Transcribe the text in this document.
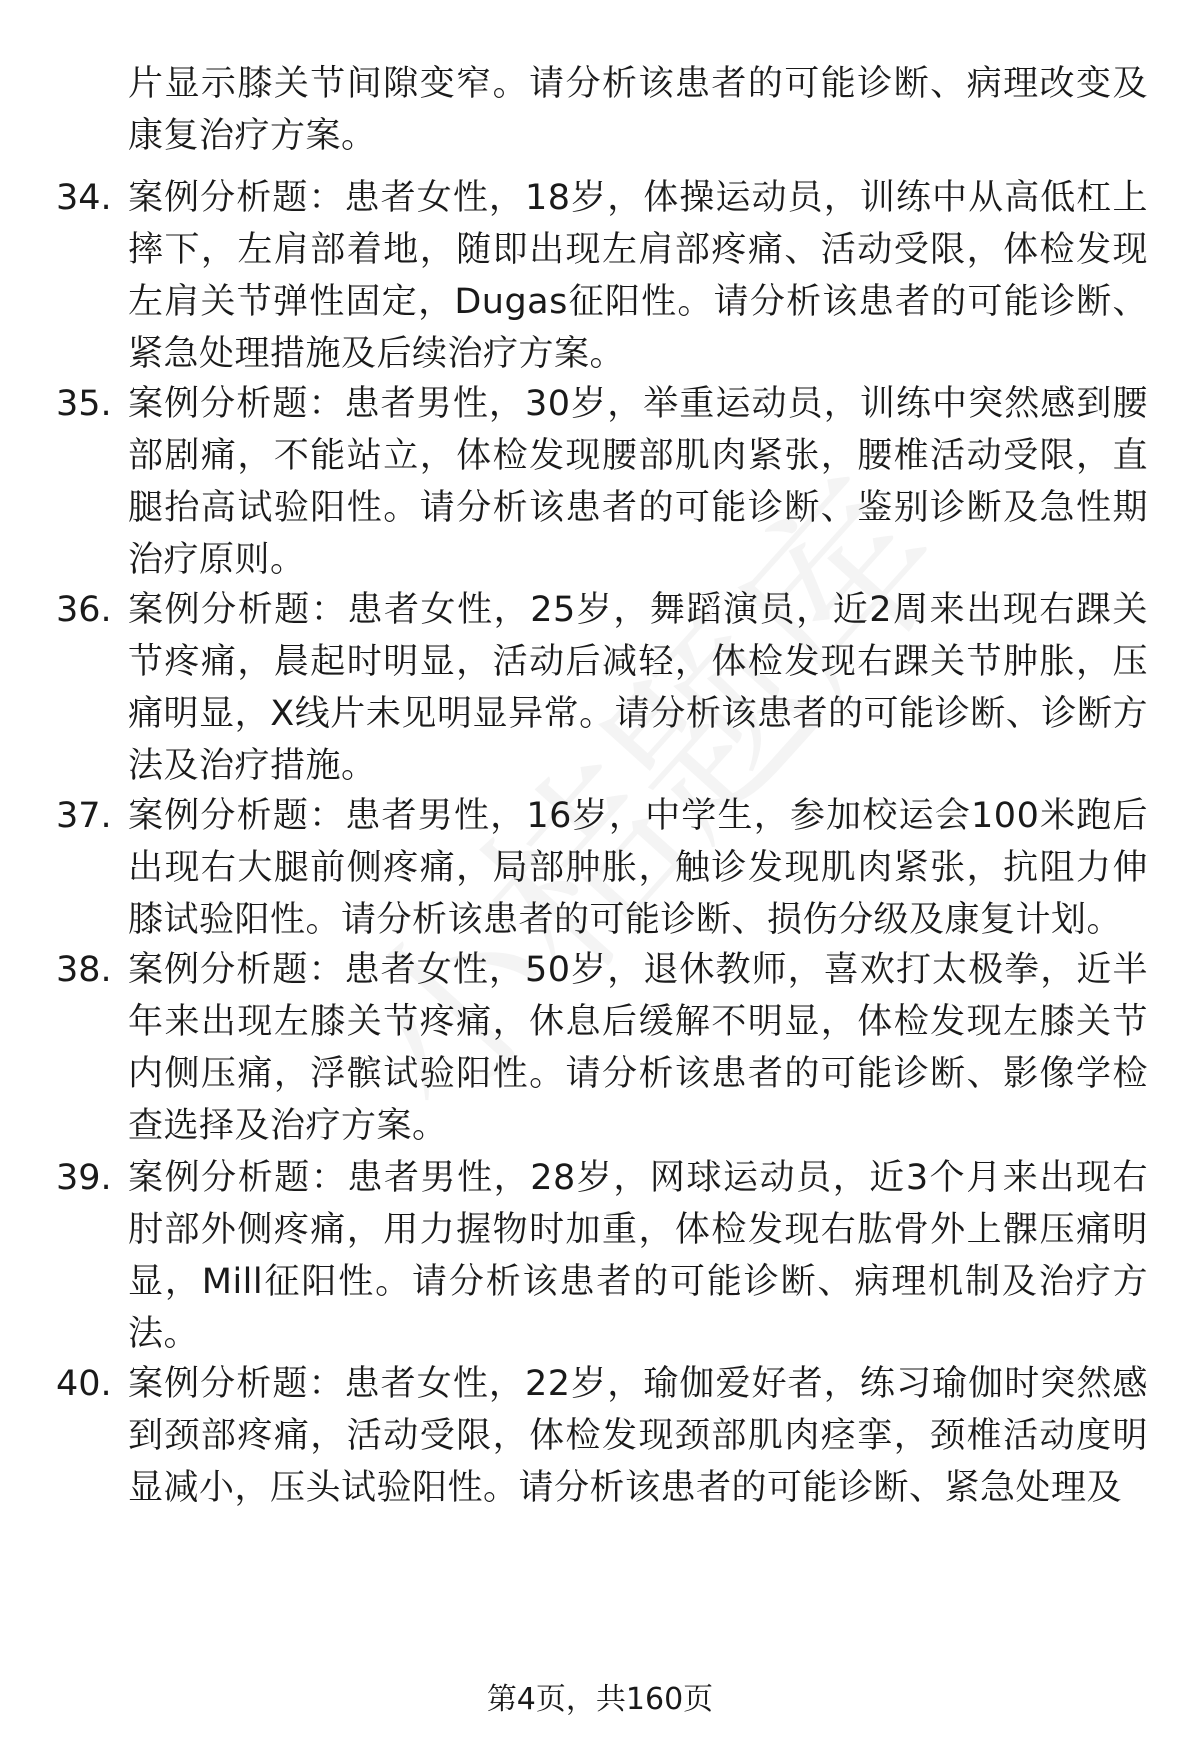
片显示膝关节间隙变窄。请分析该患者的可能诊断、病理改变及康复治疗方案。
34. 案例分析题：患者女性，18岁，体操运动员，训练中从高低杠上摔下，左肩部着地，随即出现左肩部疼痛、活动受限，体检发现左肩关节弹性固定，Dugas征阳性。请分析该患者的可能诊断、紧急处理措施及后续治疗方案。
35. 案例分析题：患者男性，30岁，举重运动员，训练中突然感到腰部剧痛，不能站立，体检发现腰部肌肉紧张，腰椎活动受限，直腿抬高试验阳性。请分析该患者的可能诊断、鉴别诊断及急性期治疗原则。
36. 案例分析题：患者女性，25岁，舞蹈演员，近2周来出现右踝关节疼痛，晨起时明显，活动后减轻，体检发现右踝关节肿胀，压痛明显，X线片未见明显异常。请分析该患者的可能诊断、诊断方法及治疗措施。
37. 案例分析题：患者男性，16岁，中学生，参加校运会100米跑后出现右大腿前侧疼痛，局部肿胀，触诊发现肌肉紧张，抗阻力伸膝试验阳性。请分析该患者的可能诊断、损伤分级及康复计划。
38. 案例分析题：患者女性，50岁，退休教师，喜欢打太极拳，近半年来出现左膝关节疼痛，休息后缓解不明显，体检发现左膝关节内侧压痛，浮髌试验阳性。请分析该患者的可能诊断、影像学检查选择及治疗方案。
39. 案例分析题：患者男性，28岁，网球运动员，近3个月来出现右肘部外侧疼痛，用力握物时加重，体检发现右肱骨外上髁压痛明显，Mill征阳性。请分析该患者的可能诊断、病理机制及治疗方法。
40. 案例分析题：患者女性，22岁，瑜伽爱好者，练习瑜伽时突然感到颈部疼痛，活动受限，体检发现颈部肌肉痉挛，颈椎活动度明显减小，压头试验阳性。请分析该患者的可能诊断、紧急处理及
第4页，共160页
